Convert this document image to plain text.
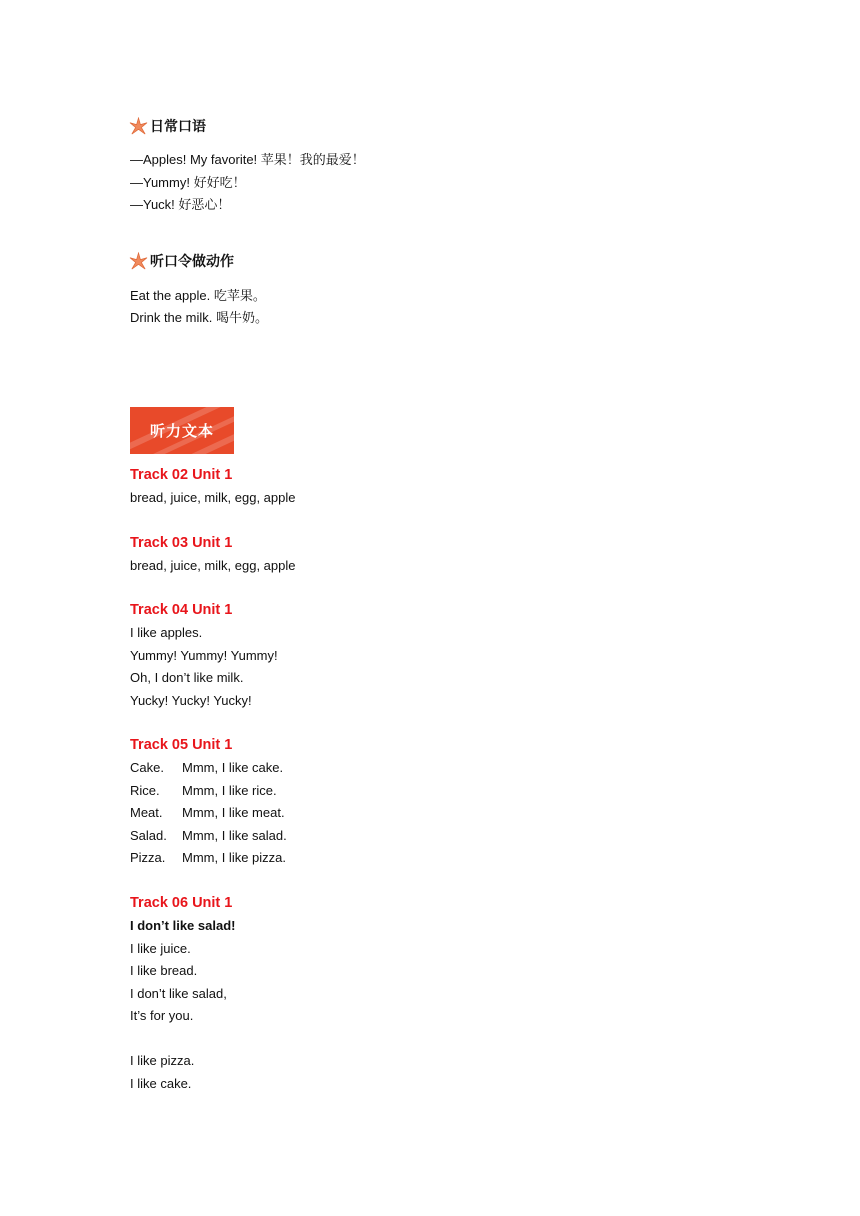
日常口语
—Apples! My favorite! 苹果！我的最爱！
—Yummy! 好好吃！
—Yuck! 好恶心！
听口令做动作
Eat the apple. 吃苹果。
Drink the milk. 喝牛奶。
听力文本
Track 02 Unit 1
bread, juice, milk, egg, apple
Track 03 Unit 1
bread, juice, milk, egg, apple
Track 04 Unit 1
I like apples.
Yummy! Yummy! Yummy!
Oh, I don’t like milk.
Yucky! Yucky! Yucky!
Track 05 Unit 1
Cake. Mmm, I like cake.
Rice. Mmm, I like rice.
Meat. Mmm, I like meat.
Salad. Mmm, I like salad.
Pizza. Mmm, I like pizza.
Track 06 Unit 1
I don’t like salad!
I like juice.
I like bread.
I don’t like salad,
It’s for you.
I like pizza.
I like cake.
